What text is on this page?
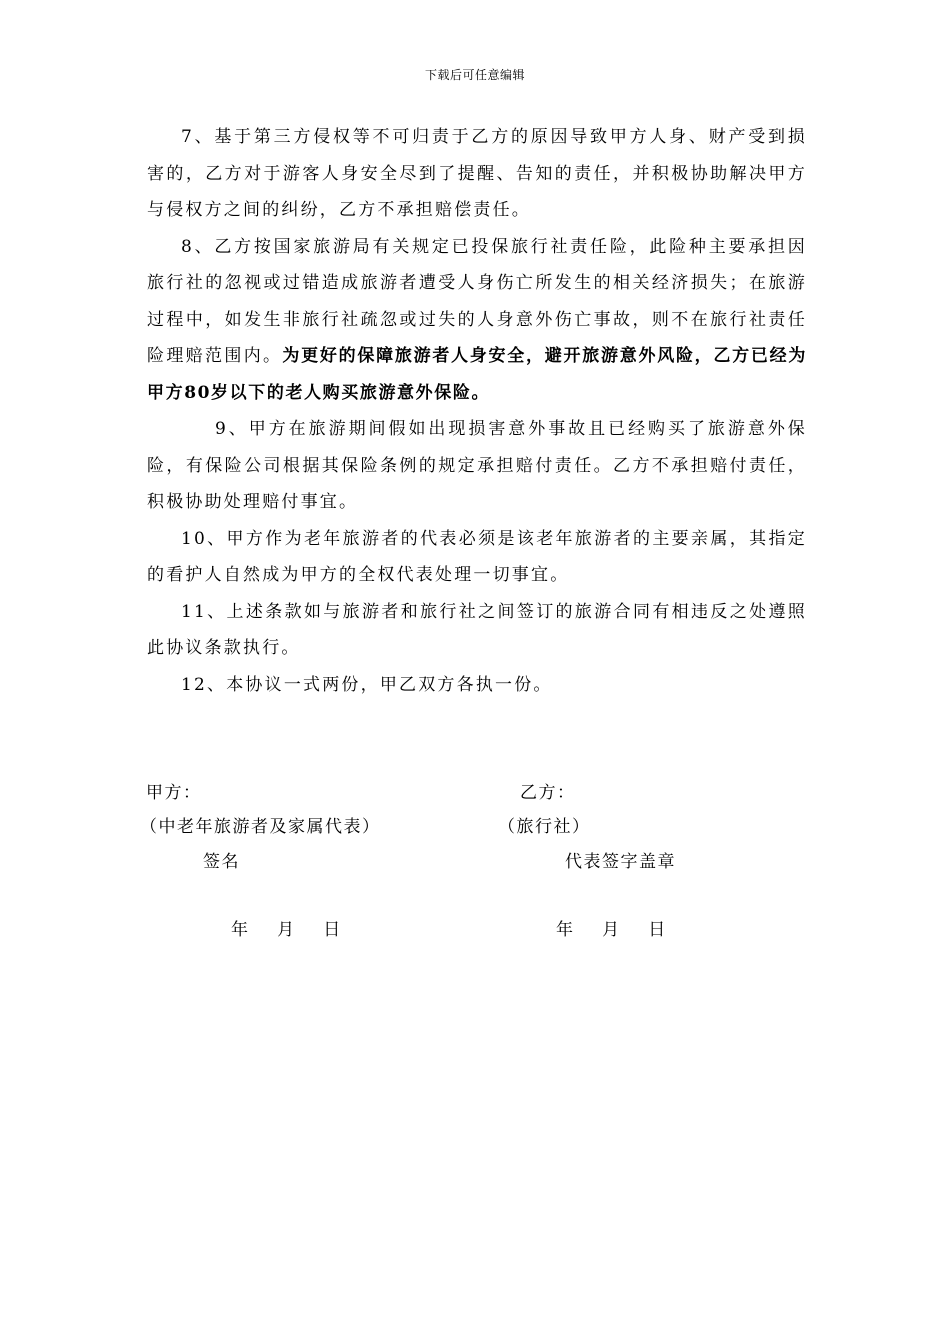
下载后可任意编辑

7、基于第三方侵权等不可归责于乙方的原因导致甲方人身、财产受到损害的，乙方对于游客人身安全尽到了提醒、告知的责任，并积极协助解决甲方与侵权方之间的纠纷，乙方不承担赔偿责任。

8、乙方按国家旅游局有关规定已投保旅行社责任险，此险种主要承担因旅行社的忽视或过错造成旅游者遭受人身伤亡所发生的相关经济损失；在旅游过程中，如发生非旅行社疏忽或过失的人身意外伤亡事故，则不在旅行社责任险理赔范围内。为更好的保障旅游者人身安全，避开旅游意外风险，乙方已经为甲方80岁以下的老人购买旅游意外保险。

9、甲方在旅游期间假如出现损害意外事故且已经购买了旅游意外保险，有保险公司根据其保险条例的规定承担赔付责任。乙方不承担赔付责任，积极协助处理赔付事宜。

10、甲方作为老年旅游者的代表必须是该老年旅游者的主要亲属，其指定的看护人自然成为甲方的全权代表处理一切事宜。

11、上述条款如与旅游者和旅行社之间签订的旅游合同有相违反之处遵照此协议条款执行。

12、本协议一式两份，甲乙双方各执一份。

甲方：
（中老年旅游者及家属代表）
签名
年    月    日
乙方：
（旅行社）
代表签字盖章
年    月    日
